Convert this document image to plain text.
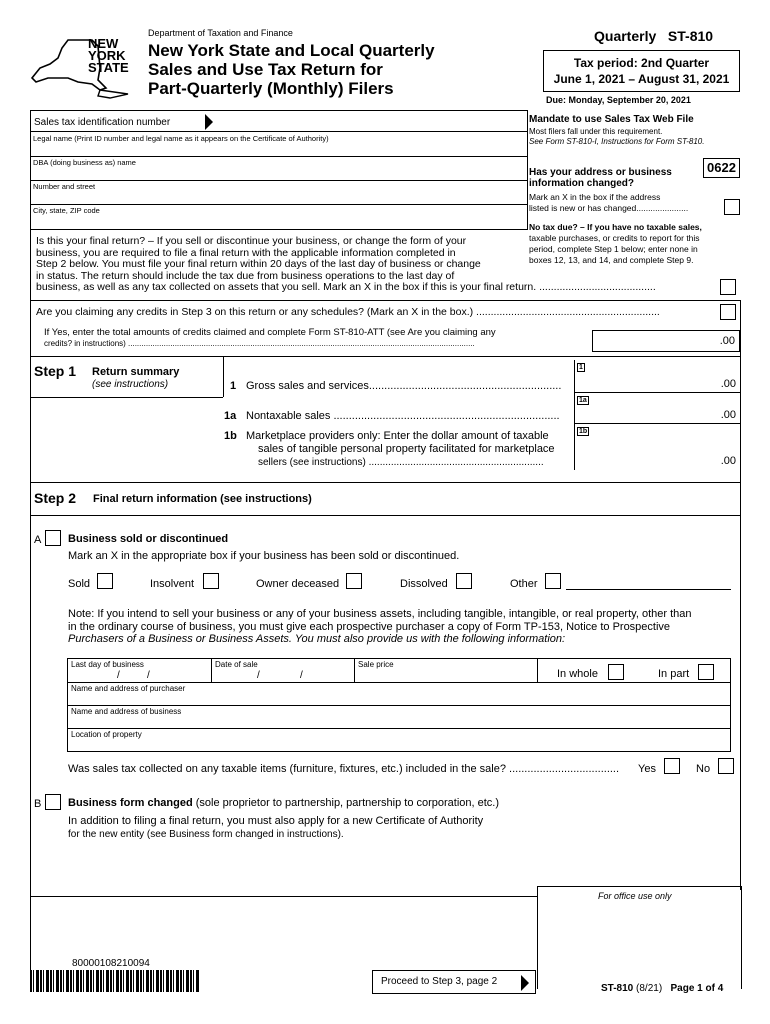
NEW
YORK
STATE
Department of Taxation and Finance
New York State and Local Quarterly
Sales and Use Tax Return for
Part-Quarterly (Monthly) Filers
Quarterly ST-810
Tax period: 2nd Quarter
June 1, 2021 – August 31, 2021
Due: Monday, September 20, 2021
Sales tax identification number
Legal name (Print ID number and legal name as it appears on the Certificate of Authority)
DBA (doing business as) name
Number and street
City, state, ZIP code
Mandate to use Sales Tax Web File
Most filers fall under this requirement.
See Form ST-810-I, Instructions for Form ST-810.
Has your address or business
information changed?
0622
Mark an X in the box if the address
listed is new or has changed......................
No tax due? – If you have no taxable sales,
taxable purchases, or credits to report for this
period, complete Step 1 below; enter none in
boxes 12, 13, and 14, and complete Step 9.
Is this your final return? – If you sell or discontinue your business, or change the form of your
business, you are required to file a final return with the applicable information completed in
Step 2 below. You must file your final return within 20 days of the last day of business or change
in status. The return should include the tax due from business operations to the last day of
business, as well as any tax collected on assets that you sell. Mark an X in the box if this is your final return. ........................................
Are you claiming any credits in Step 3 on this return or any schedules? (Mark an X in the box.) ...............................................................
If Yes, enter the total amounts of credits claimed and complete Form ST-810-ATT (see Are you claiming any
credits? in instructions) ............................................................................................................................................................	.00
Step 1 Return summary
(see instructions)	1 Gross sales and services...............................................................
1
.00
1a
1a Nontaxable sales ..........................................................................	.00
1b
1b Marketplace providers only: Enter the dollar amount of taxable
sales of tangible personal property facilitated for marketplace
sellers (see instructions) ...............................................................	.00
Step 2 Final return information (see instructions)
A Business sold or discontinued
Mark an X in the appropriate box if your business has been sold or discontinued.
Sold	Insolvent	Owner deceased	Dissolved	Other
Note: If you intend to sell your business or any of your business assets, including tangible, intangible, or real property, other than
in the ordinary course of business, you must give each prospective purchaser a copy of Form TP-153, Notice to Prospective
Purchasers of a Business or Business Assets. You must also provide us with the following information:
Last day of business
/	/
Date of sale
/	/
Sale price
In whole	In part
Name and address of purchaser
Name and address of business
Location of property
Was sales tax collected on any taxable items (furniture, fixtures, etc.) included in the sale? .................................... Yes	No
B Business form changed (sole proprietor to partnership, partnership to corporation, etc.)
In addition to filing a final return, you must also apply for a new Certificate of Authority
for the new entity (see Business form changed in instructions).
For office use only
80000108210094
Proceed to Step 3, page 2
ST-810 (8/21) Page 1 of 4
